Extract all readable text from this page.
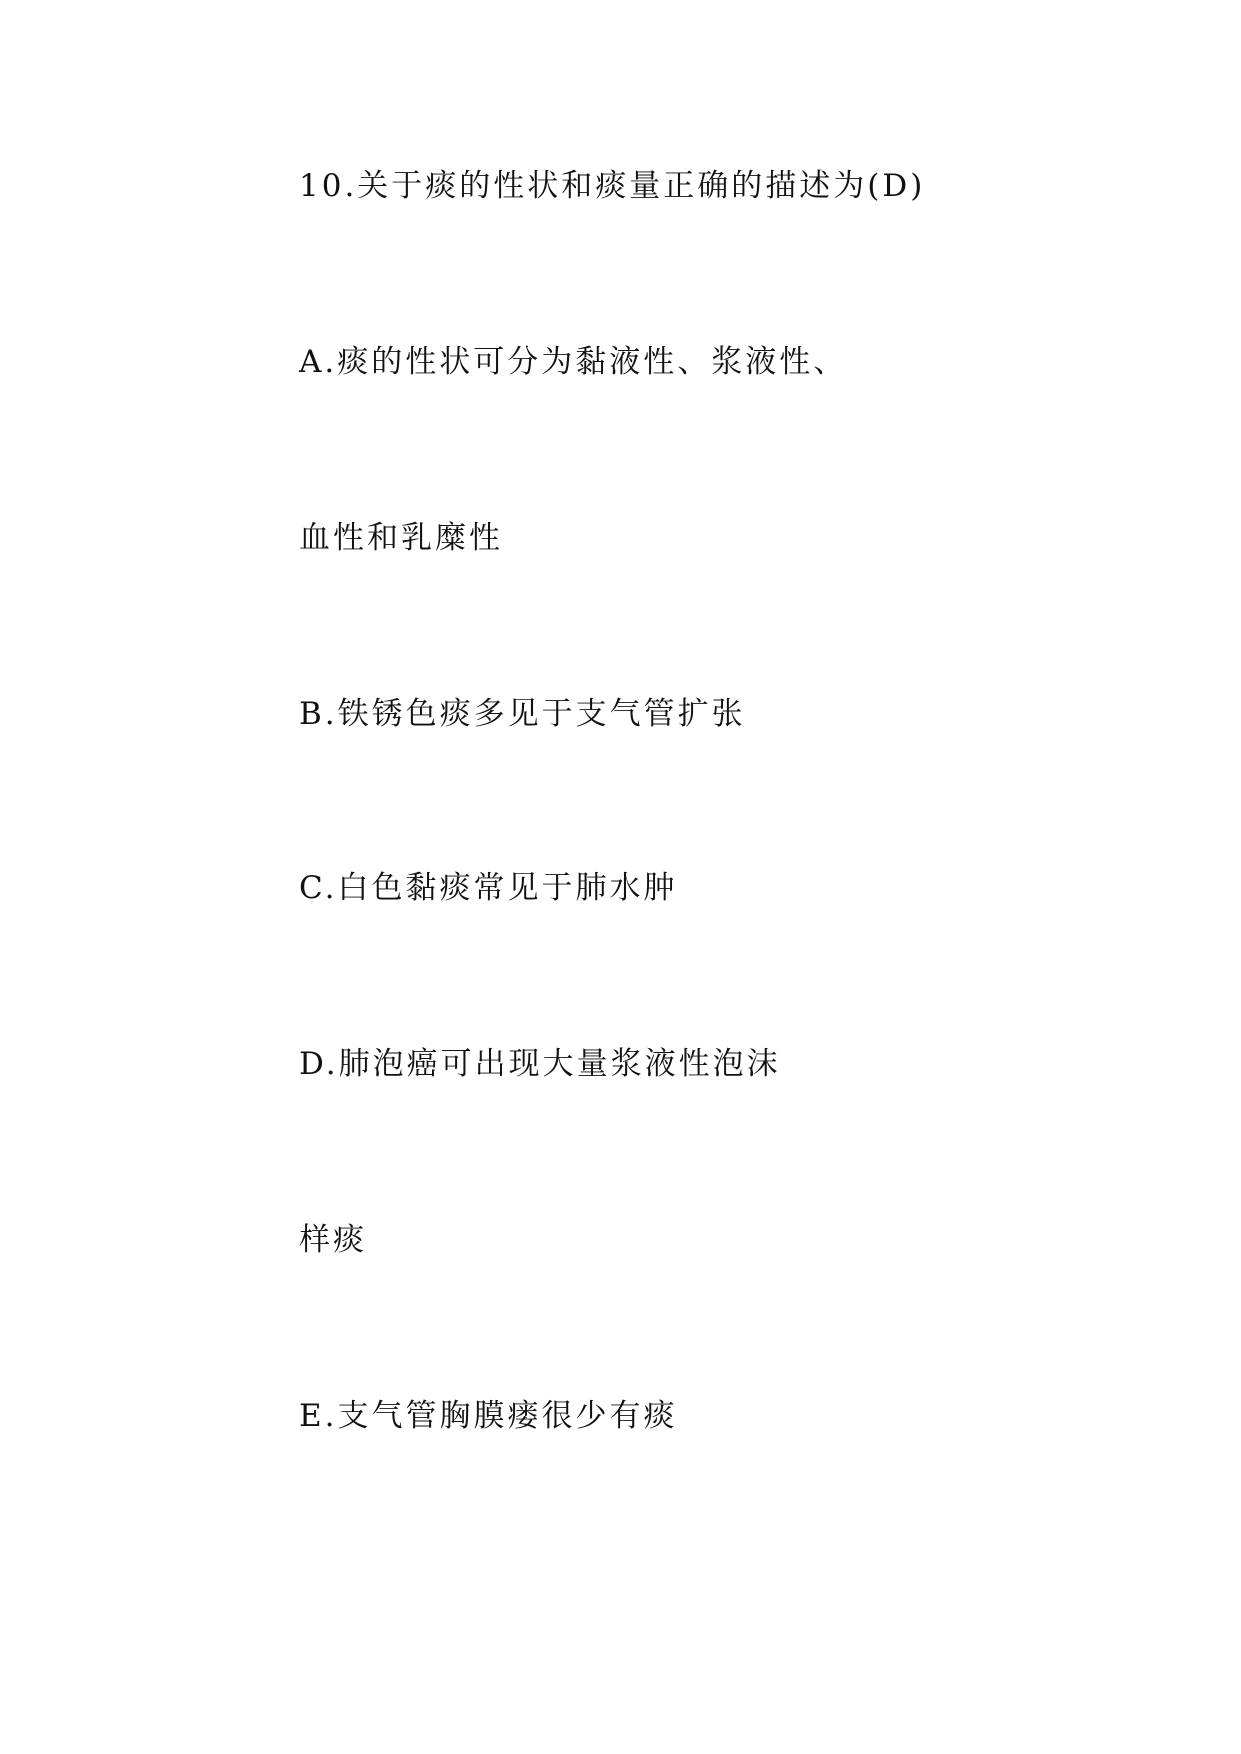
10.关于痰的性状和痰量正确的描述为(D)
A.痰的性状可分为黏液性、浆液性、
血性和乳糜性
B.铁锈色痰多见于支气管扩张
C.白色黏痰常见于肺水肿
D.肺泡癌可出现大量浆液性泡沫
样痰
E.支气管胸膜瘘很少有痰
